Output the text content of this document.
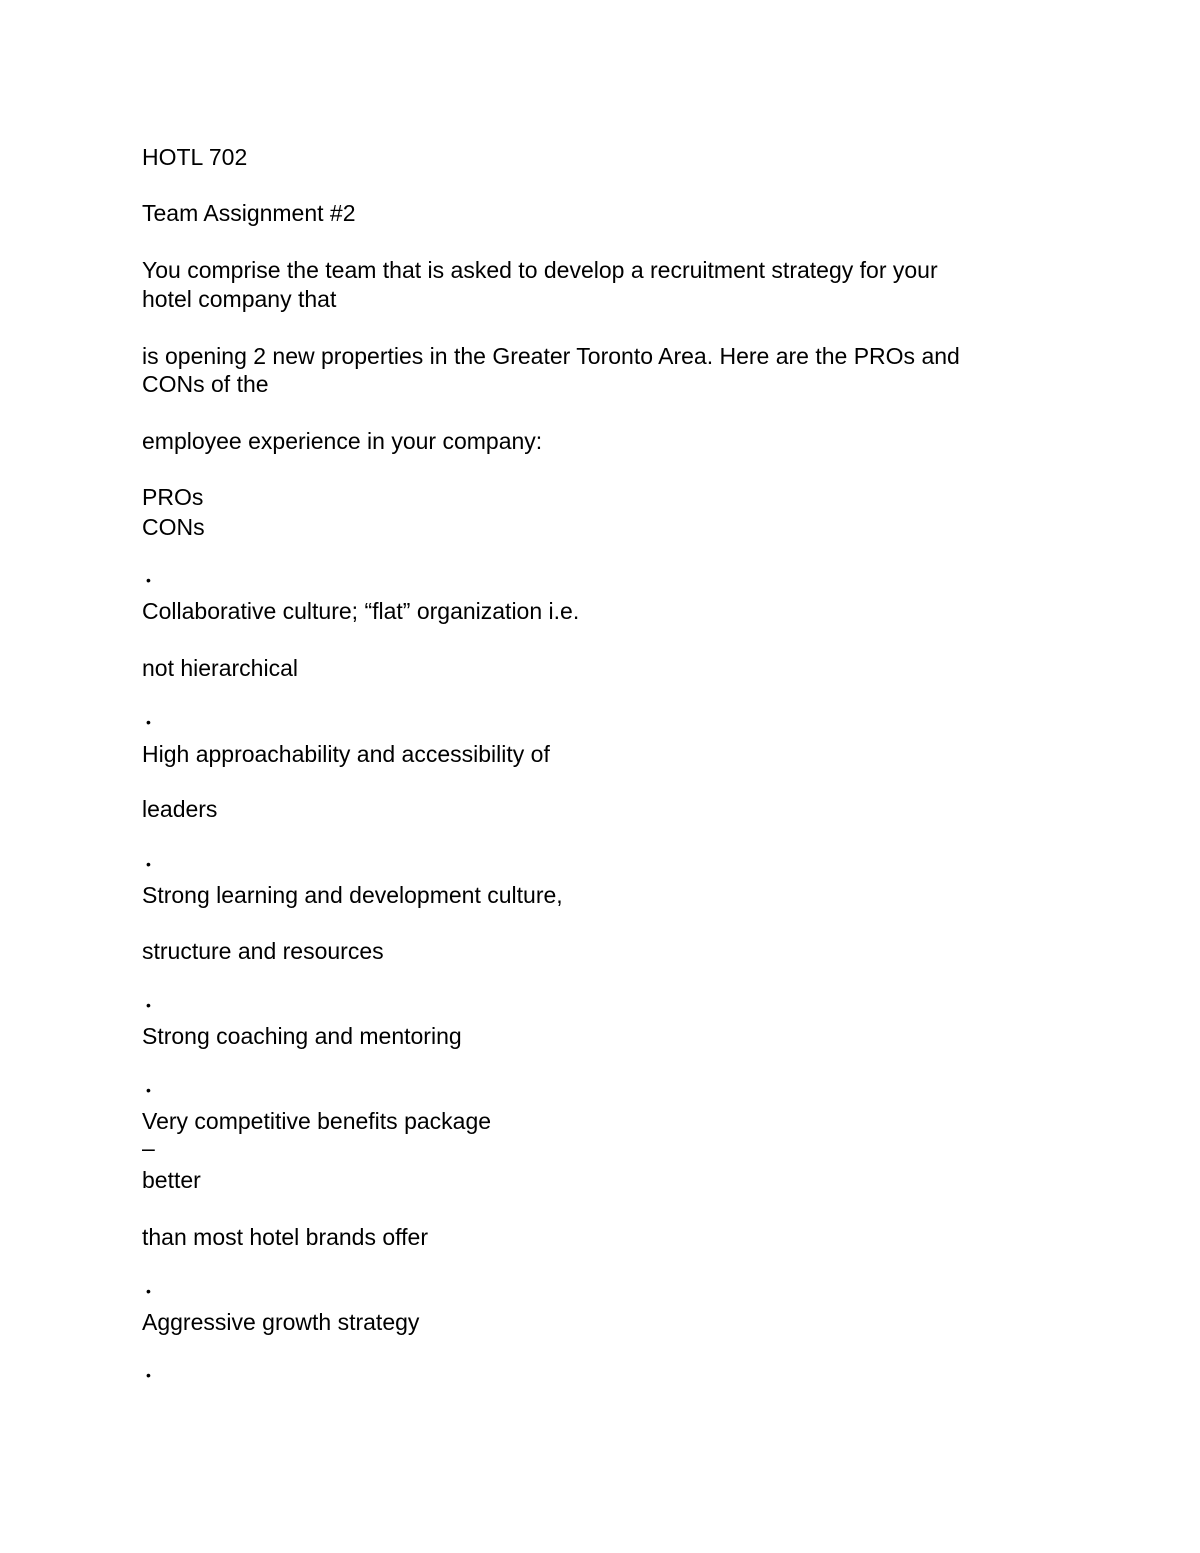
HOTL 702
Team Assignment #2
You comprise the team that is asked to develop a recruitment strategy for your
hotel company that
is opening 2 new properties in the Greater Toronto Area. Here are the PROs and
CONs of the
employee experience in your company:
PROs
CONs
•
Collaborative culture; “flat” organization i.e.
not hierarchical
•
High approachability and accessibility of
leaders
•
Strong learning and development culture,
structure and resources
•
Strong coaching and mentoring
•
Very competitive benefits package
–
better
than most hotel brands offer
•
Aggressive growth strategy
•
